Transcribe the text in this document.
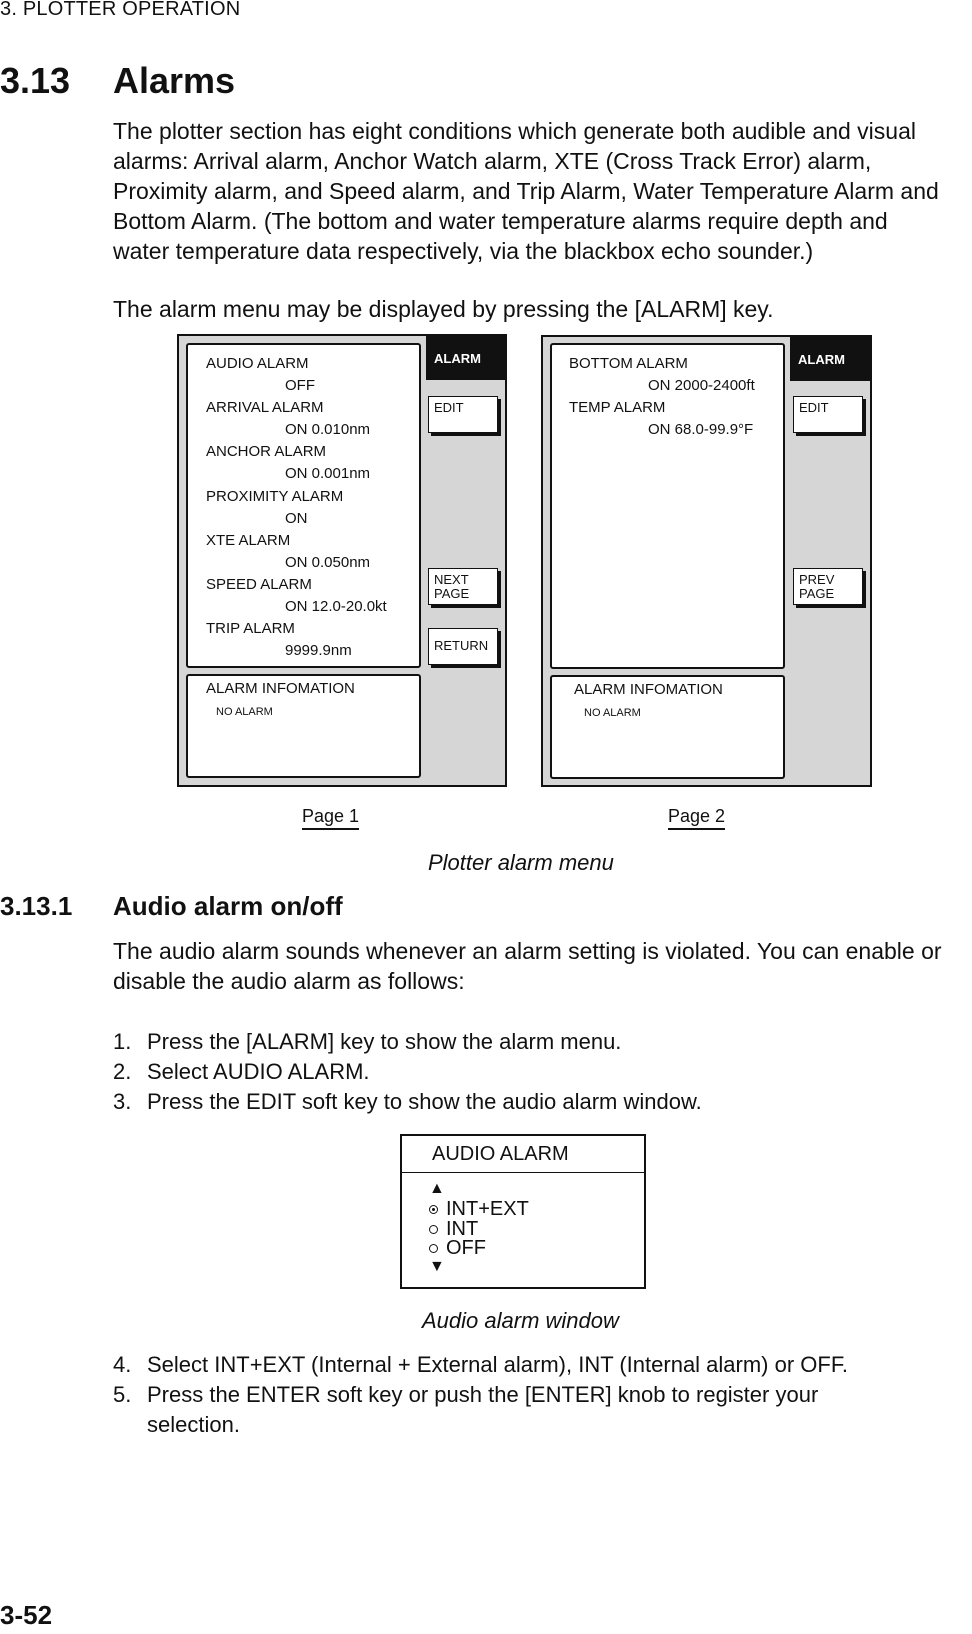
3. PLOTTER OPERATION
3.13 Alarms
The plotter section has eight conditions which generate both audible and visual
alarms: Arrival alarm, Anchor Watch alarm, XTE (Cross Track Error) alarm,
Proximity alarm, and Speed alarm, and Trip Alarm, Water Temperature Alarm and
Bottom Alarm. (The bottom and water temperature alarms require depth and
water temperature data respectively, via the blackbox echo sounder.)
The alarm menu may be displayed by pressing the [ALARM] key.
AUDIO ALARM
OFF
ARRIVAL ALARM
ON 0.010nm
ANCHOR ALARM
ON 0.001nm
PROXIMITY ALARM
ON
XTE ALARM
ON 0.050nm
SPEED ALARM
ON 12.0-20.0kt
TRIP ALARM
9999.9nm
ALARM
EDIT
NEXT
PAGE
RETURN
ALARM INFOMATION
NO ALARM
BOTTOM ALARM
ON 2000-2400ft
TEMP ALARM
ON 68.0-99.9°F
ALARM
EDIT
PREV
PAGE
ALARM INFOMATION
NO ALARM
Page 1	Page 2
Plotter alarm menu
3.13.1 Audio alarm on/off
The audio alarm sounds whenever an alarm setting is violated. You can enable or
disable the audio alarm as follows:
1. Press the [ALARM] key to show the alarm menu.
2. Select AUDIO ALARM.
3. Press the EDIT soft key to show the audio alarm window.
AUDIO ALARM
▲
INT+EXT
INT
OFF
▼
Audio alarm window
4. Select INT+EXT (Internal + External alarm), INT (Internal alarm) or OFF.
5. Press the ENTER soft key or push the [ENTER] knob to register your
selection.
3-52
